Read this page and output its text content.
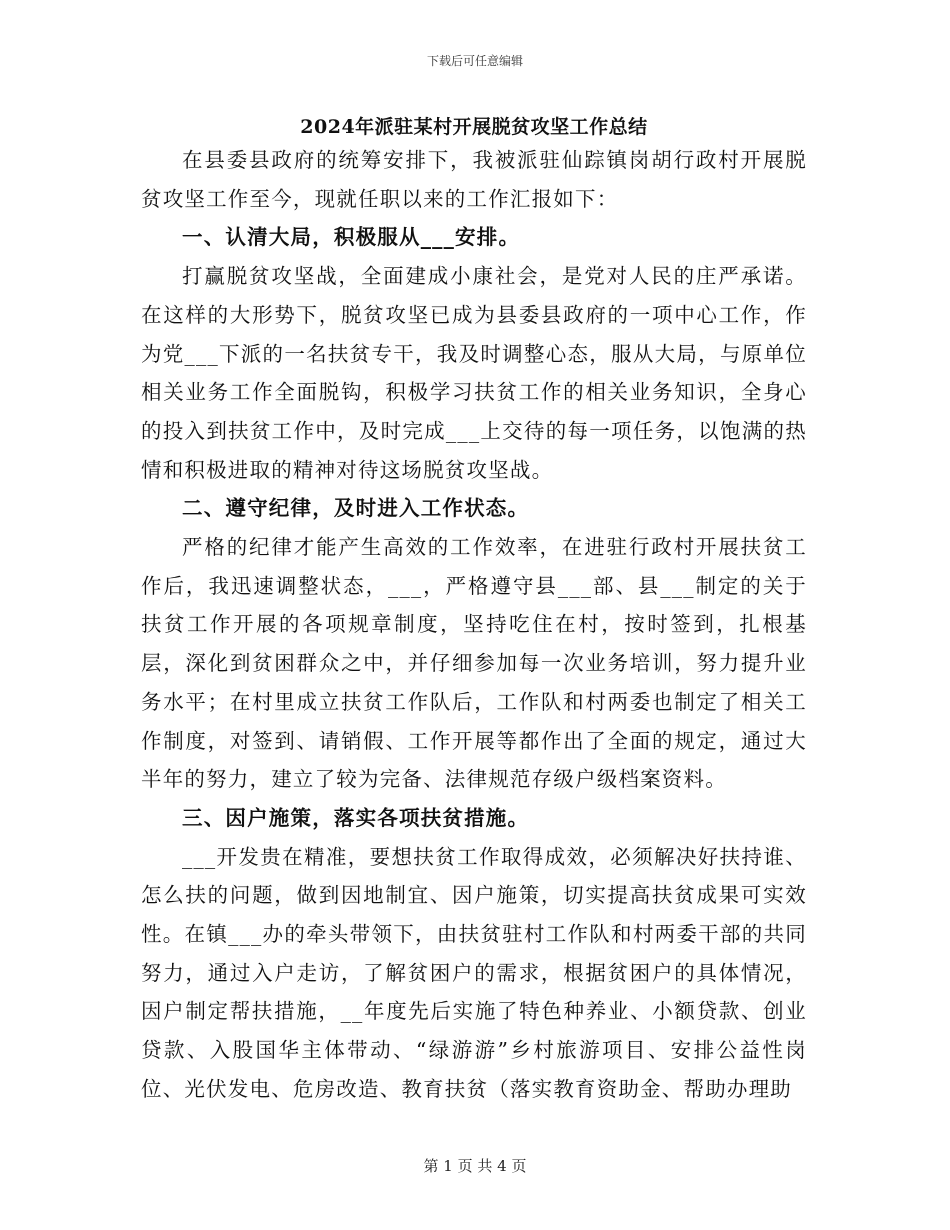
下载后可任意编辑
2024年派驻某村开展脱贫攻坚工作总结

在县委县政府的统筹安排下，我被派驻仙踪镇岗胡行政村开展脱贫攻坚工作至今，现就任职以来的工作汇报如下：

一、认清大局，积极服从___安排。

打赢脱贫攻坚战，全面建成小康社会，是党对人民的庄严承诺。在这样的大形势下，脱贫攻坚已成为县委县政府的一项中心工作，作为党___下派的一名扶贫专干，我及时调整心态，服从大局，与原单位相关业务工作全面脱钩，积极学习扶贫工作的相关业务知识，全身心的投入到扶贫工作中，及时完成___上交待的每一项任务，以饱满的热情和积极进取的精神对待这场脱贫攻坚战。

二、遵守纪律，及时进入工作状态。

严格的纪律才能产生高效的工作效率，在进驻行政村开展扶贫工作后，我迅速调整状态，___，严格遵守县___部、县___制定的关于扶贫工作开展的各项规章制度，坚持吃住在村，按时签到，扎根基层，深化到贫困群众之中，并仔细参加每一次业务培训，努力提升业务水平；在村里成立扶贫工作队后，工作队和村两委也制定了相关工作制度，对签到、请销假、工作开展等都作出了全面的规定，通过大半年的努力，建立了较为完备、法律规范存级户级档案资料。

三、因户施策，落实各项扶贫措施。

___开发贵在精准，要想扶贫工作取得成效，必须解决好扶持谁、怎么扶的问题，做到因地制宜、因户施策，切实提高扶贫成果可实效性。在镇___办的牵头带领下，由扶贫驻村工作队和村两委干部的共同努力，通过入户走访，了解贫困户的需求，根据贫困户的具体情况，因户制定帮扶措施，__年度先后实施了特色种养业、小额贷款、创业贷款、入股国华主体带动、“绿游游”乡村旅游项目、安排公益性岗位、光伏发电、危房改造、教育扶贫（落实教育资助金、帮助办理助

第 1 页 共 4 页
